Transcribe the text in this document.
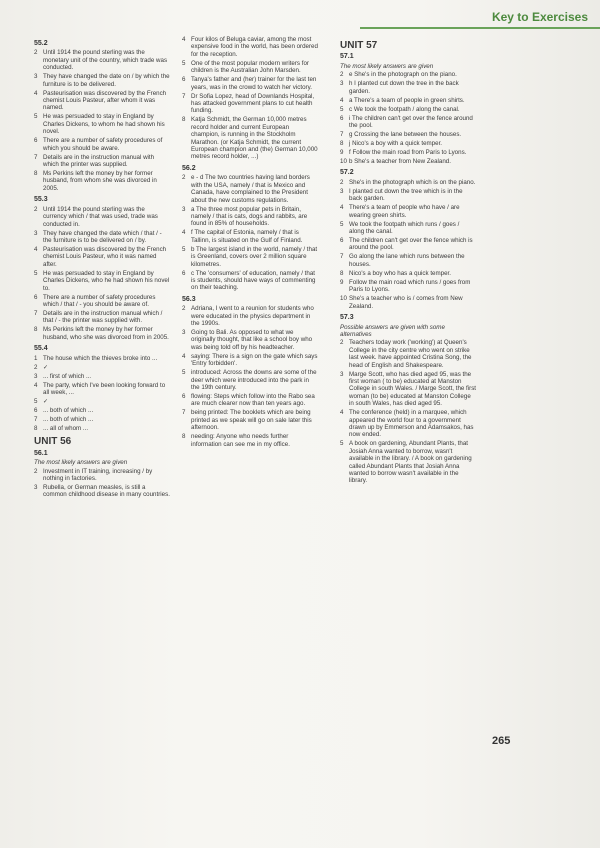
Key to Exercises
55.2
2 Until 1914 the pound sterling was the monetary unit of the country, which trade was conducted.
3 They have changed the date on / by which the furniture is to be delivered.
4 Pasteurisation was discovered by the French chemist Louis Pasteur, after whom it was named.
5 He was persuaded to stay in England by Charles Dickens, to whom he had shown his novel.
6 There are a number of safety procedures of which you should be aware.
7 Details are in the instruction manual with which the printer was supplied.
8 Ms Perkins left the money by her former husband, from whom she was divorced in 2005.
55.3
2 Until 1914 the pound sterling was the currency which / that was used, trade was conducted in.
3 They have changed the date which / that / - the furniture is to be delivered on / by.
4 Pasteurisation was discovered by the French chemist Louis Pasteur, who it was named after.
5 He was persuaded to stay in England by Charles Dickens, who he had shown his novel to.
6 There are a number of safety procedures which / that / - you should be aware of.
7 Details are in the instruction manual which / that / - the printer was supplied with.
8 Ms Perkins left the money by her former husband, who she was divorced from in 2005.
55.4
1 The house which the thieves broke into ...
2 ✓
3 ... first of which ...
4 The party, which I've been looking forward to all week, ...
5 ✓
6 ... both of which ...
7 ... both of which ...
8 ... all of whom ...
UNIT 56
56.1
The most likely answers are given
2 Investment in IT training, increasing / by nothing in factories.
3 Rubella, or German measles, is still a common childhood disease in many countries.
4 Four kilos of Beluga caviar, among the most expensive food in the world, has been ordered for the reception.
5 One of the most popular modern writers for children is the Australian John Marsden.
6 Tanya's father and (her) trainer for the last ten years, was in the crowd to watch her victory.
7 Dr Sofia Lopez, head of Downlands Hospital, has attacked government plans to cut health funding.
8 Katja Schmidt, the German 10,000 metres record holder and current European champion, is running in the Stockholm Marathon. (or Katja Schmidt, the current European champion and (the) German 10,000 metres record holder, ...)
56.2
2 e - d The two countries having land borders with the USA, namely / that is Mexico and Canada, have complained to the President about the new customs regulations.
3 a The three most popular pets in Britain, namely / that is cats, dogs and rabbits, are found in 85% of households.
4 f The capital of Estonia, namely / that is Tallinn, is situated on the Gulf of Finland.
5 b The largest island in the world, namely / that is Greenland, covers over 2 million square kilometres.
6 c The 'consumers' of education, namely / that is students, should have ways of commenting on their teaching.
56.3
2 Adriana, I went to a reunion for students who were educated in the physics department in the 1990s.
3 Going to Bali. As opposed to what we originally thought, that like a school boy who was being told off by his headteacher.
4 saying: There is a sign on the gate which says 'Entry forbidden'.
5 introduced: Across the downs are some of the deer which were introduced into the park in the 19th century.
6 flowing: Steps which follow into the Rabo sea are much clearer now than ten years ago.
7 being printed: The booklets which are being printed as we speak will go on sale later this afternoon.
8 needing: Anyone who needs further information can see me in my office.
UNIT 57
57.1
The most likely answers are given
2 e She's in the photograph on the piano.
3 h I planted cut down the tree in the back garden.
4 a There's a team of people in green shirts.
5 c We took the footpath / along the canal.
6 i The children can't get over the fence around the pool.
7 g Crossing the lane between the houses.
8 j Nico's a boy with a quick temper.
9 f Follow the main road from Paris to Lyons.
10 b She's a teacher from New Zealand.
57.2
2 She's in the photograph which is on the piano.
3 I planted cut down the tree which is in the back garden.
4 There's a team of people who have / are wearing green shirts.
5 We took the footpath which runs / goes / along the canal.
6 The children can't get over the fence which is around the pool.
7 Go along the lane which runs between the houses.
8 Nico's a boy who has a quick temper.
9 Follow the main road which runs / goes from Paris to Lyons.
10 She's a teacher who is / comes from New Zealand.
57.3
Possible answers are given with some alternatives
2 Teachers today work ('working') at Queen's College in the city centre who went on strike last week. have appointed Cristina Song, the head of English and Shakespeare.
3 Marge Scott, who has died aged 95, was the first woman ( to be) educated at Manston College in south Wales. / Marge Scott, the first woman (to be) educated at Manston College in south Wales, has died aged 95.
4 The conference (held) in a marquee, which appeared the world four to a government drawn up by Emmerson and Adamsakos, has now ended.
5 A book on gardening, Abundant Plants, that Josiah Anna wanted to borrow, wasn't available in the library. / A book on gardening called Abundant Plants that Josiah Anna wanted to borrow wasn't available in the library.
265
